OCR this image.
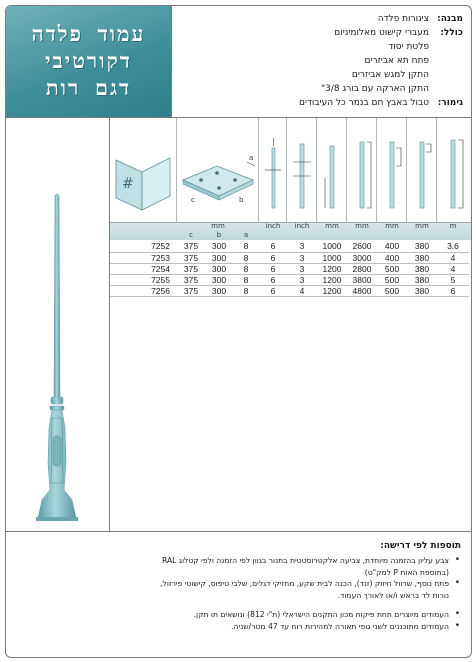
עמוד פלדה
דקורטיבי
דגם רות
מבנה:
צינורות פלדה
כולל:
מעברי קישוט מאלומיניום
פלטת יסוד
פתח תא אביזרים
התקן למגש אביזרים
התקן הארקה עם בורג 3/8"
גימור:
טבול באבץ חם בנמר כל העיבודים
#
a
c	b
mm	inch	inch	mm	mm	mm	mm	m
c	b	a
7252	375	300	8	6	3	1000	2600	400	380	3.6
7253	375	300	8	6	3	1000	3000	400	380	4
7254	375	300	8	6	3	1200	2800	500	380	4
7255	375	300	8	6	3	1200	3800	500	380	5
7256	375	300	8	6	4	1200	4800	500	380	6
תוספות לפי דרישה:
• צבע עליון בהזמנה מיוחדת, צביעה אלקטרוסטטית בתנור בגוון לפי הזמנה ולפי קטלוג RAL
(בתוספת האות P למק"ט)
• פתח נוסף, שרוול חיזוק (זנד), הכנה לבית שקע, מחזיקי דגלים, שלבי טיפוס, קישוטי פירזול,
נורות לד בראש ו/או לאורך העמוד.
• העמודים מיוצרים תחת פיקוח מכון התקנים הישראלי (ת"י 812) ונושאים תו תקן.
• העמודים מתוכננים לשני גופי תאורה למהירות רוח עד 47 מטר/שניה.
